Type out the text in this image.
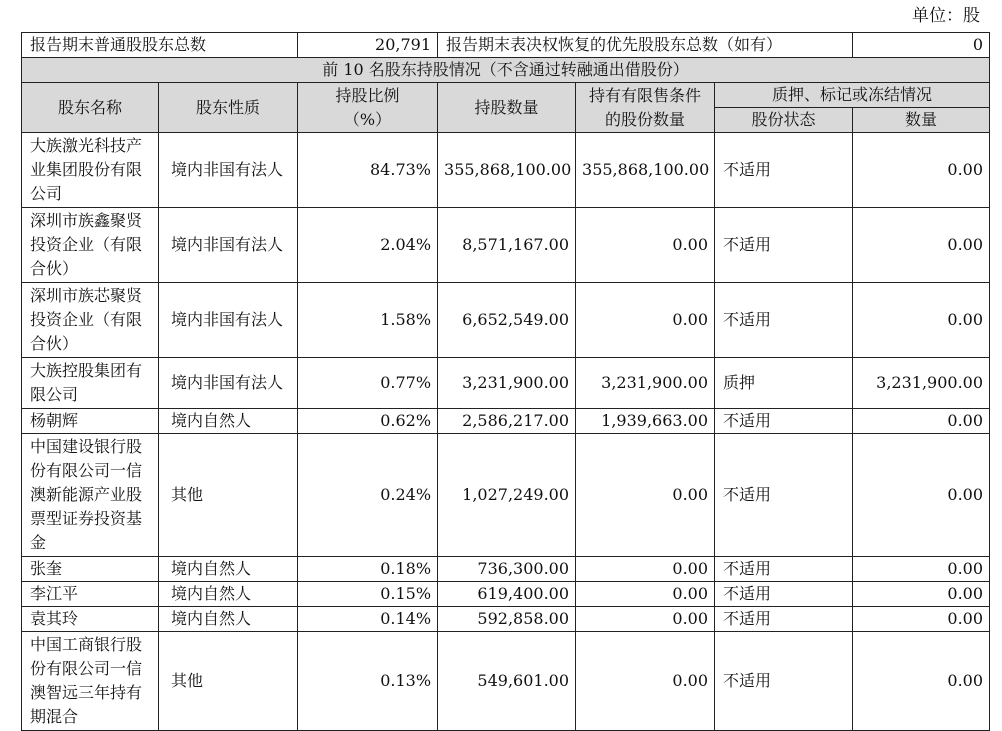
单位：股
报告期末普通股股东总数		20,791	报告期末表决权恢复的优先股股东总数（如有）			0
前 10 名股东持股情况（不含通过转融通出借股份）						
股东名称	股东性质	持股比例（%）	持股数量	持有有限售条件的股份数量	质押、标记或冻结情况	
					股份状态	数量
大族激光科技产业集团股份有限公司	境内非国有法人	84.73%	355,868,100.00	355,868,100.00	不适用	0.00
深圳市族鑫聚贤投资企业（有限合伙）	境内非国有法人	2.04%	8,571,167.00	0.00	不适用	0.00
深圳市族芯聚贤投资企业（有限合伙）	境内非国有法人	1.58%	6,652,549.00	0.00	不适用	0.00
大族控股集团有限公司	境内非国有法人	0.77%	3,231,900.00	3,231,900.00	质押	3,231,900.00
杨朝辉	境内自然人	0.62%	2,586,217.00	1,939,663.00	不适用	0.00
中国建设银行股份有限公司一信澳新能源产业股票型证券投资基金	其他	0.24%	1,027,249.00	0.00	不适用	0.00
张奎	境内自然人	0.18%	736,300.00	0.00	不适用	0.00
李江平	境内自然人	0.15%	619,400.00	0.00	不适用	0.00
袁其玲	境内自然人	0.14%	592,858.00	0.00	不适用	0.00
中国工商银行股份有限公司一信澳智远三年持有期混合	其他	0.13%	549,601.00	0.00	不适用	0.00
